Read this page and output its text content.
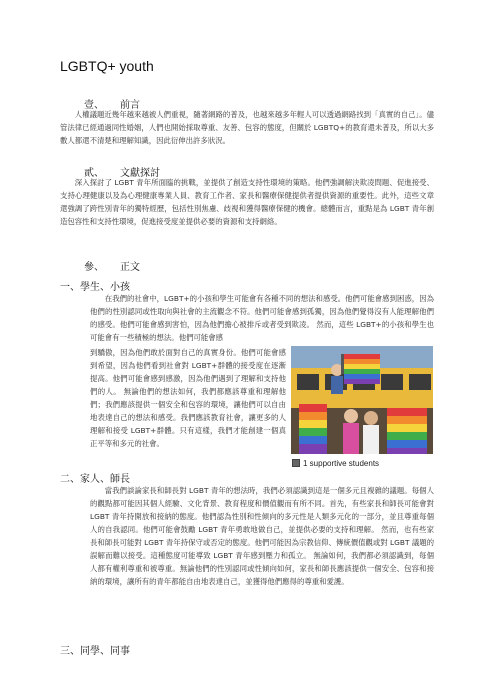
LGBTQ+ youth
壹、 前言

人權議題近幾年越來越被人們重視，隨著網路的普及，也越來越多年輕人可以透過網路找到「真實的自己」。儘管法律已經通過同性婚姻，人們也開始採取尊重、友善、包容的態度，但關於 LGBTQ+的教育還未普及，所以大多數人都還不清楚和理解知識，因此衍伸出許多狀況。

貳、 文獻探討

深入探討了 LGBT 青年所面臨的挑戰，並提供了創造支持性環境的策略。他們強調解決欺凌問題、促進接受、支持心理健康以及為心理健康專業人員、教育工作者、家長和醫療保健提供者提供資源的重要性。此外，這些文章還強調了跨性別青年的獨特經歷，包括性別焦慮、歧視和獲得醫療保健的機會。總體而言，重點是為 LGBT 青年創造包容性和支持性環境，促進接受度並提供必要的資源和支持網絡。

參、 正文
一、學生、小孩

在我們的社會中，LGBT+的小孩和學生可能會有各種不同的想法和感受。他們可能會感到困惑，因為他們的性別認同或性取向與社會的主流觀念不符。他們可能會感到孤獨，因為他們覺得沒有人能理解他們的感受。他們可能會感到害怕，因為他們擔心被排斥或者受到欺凌。 然而，這些 LGBT+的小孩和學生也可能會有一些積極的想法。他們可能會感

到驕傲，因為他們敢於面對自己的真實身份。他們可能會感到希望，因為他們看到社會對 LGBT+群體的接受度在逐漸提高。他們可能會感到感激，因為他們遇到了理解和支持他們的人。 無論他們的想法如何，我們都應該尊重和理解他們；我們應該提供一個安全和包容的環境，讓他們可以自由地表達自己的想法和感受。我們應該教育社會，讓更多的人理解和接受 LGBT+群體。只有這樣，我們才能創建一個真正平等和多元的社會。

1 supportive students
二、家人、師長

當我們談論家長和師長對 LGBT 青年的想法時，我們必須認識到這是一個多元且複雜的議題。每個人的觀點都可能因其個人經驗、文化背景、教育程度和價值觀而有所不同。首先，有些家長和師長可能會對 LGBT 青年持開放和接納的態度。他們認為性別和性傾向的多元性是人類多元化的一部分，並且尊重每個人的自我認同。他們可能會鼓勵 LGBT 青年勇敢地做自己，並提供必要的支持和理解。 然而，也有些家長和師長可能對 LGBT 青年持保守或否定的態度。他們可能因為宗教信仰、傳統價值觀或對 LGBT 議題的誤解而難以接受。這種態度可能導致 LGBT 青年感到壓力和孤立。 無論如何，我們都必須認識到，每個人都有權利尊重和被尊重。無論他們的性別認同或性傾向如何，家長和師長應該提供一個安全、包容和接納的環境，讓所有的青年都能自由地表達自己，並獲得他們應得的尊重和愛護。

三、同學、同事
